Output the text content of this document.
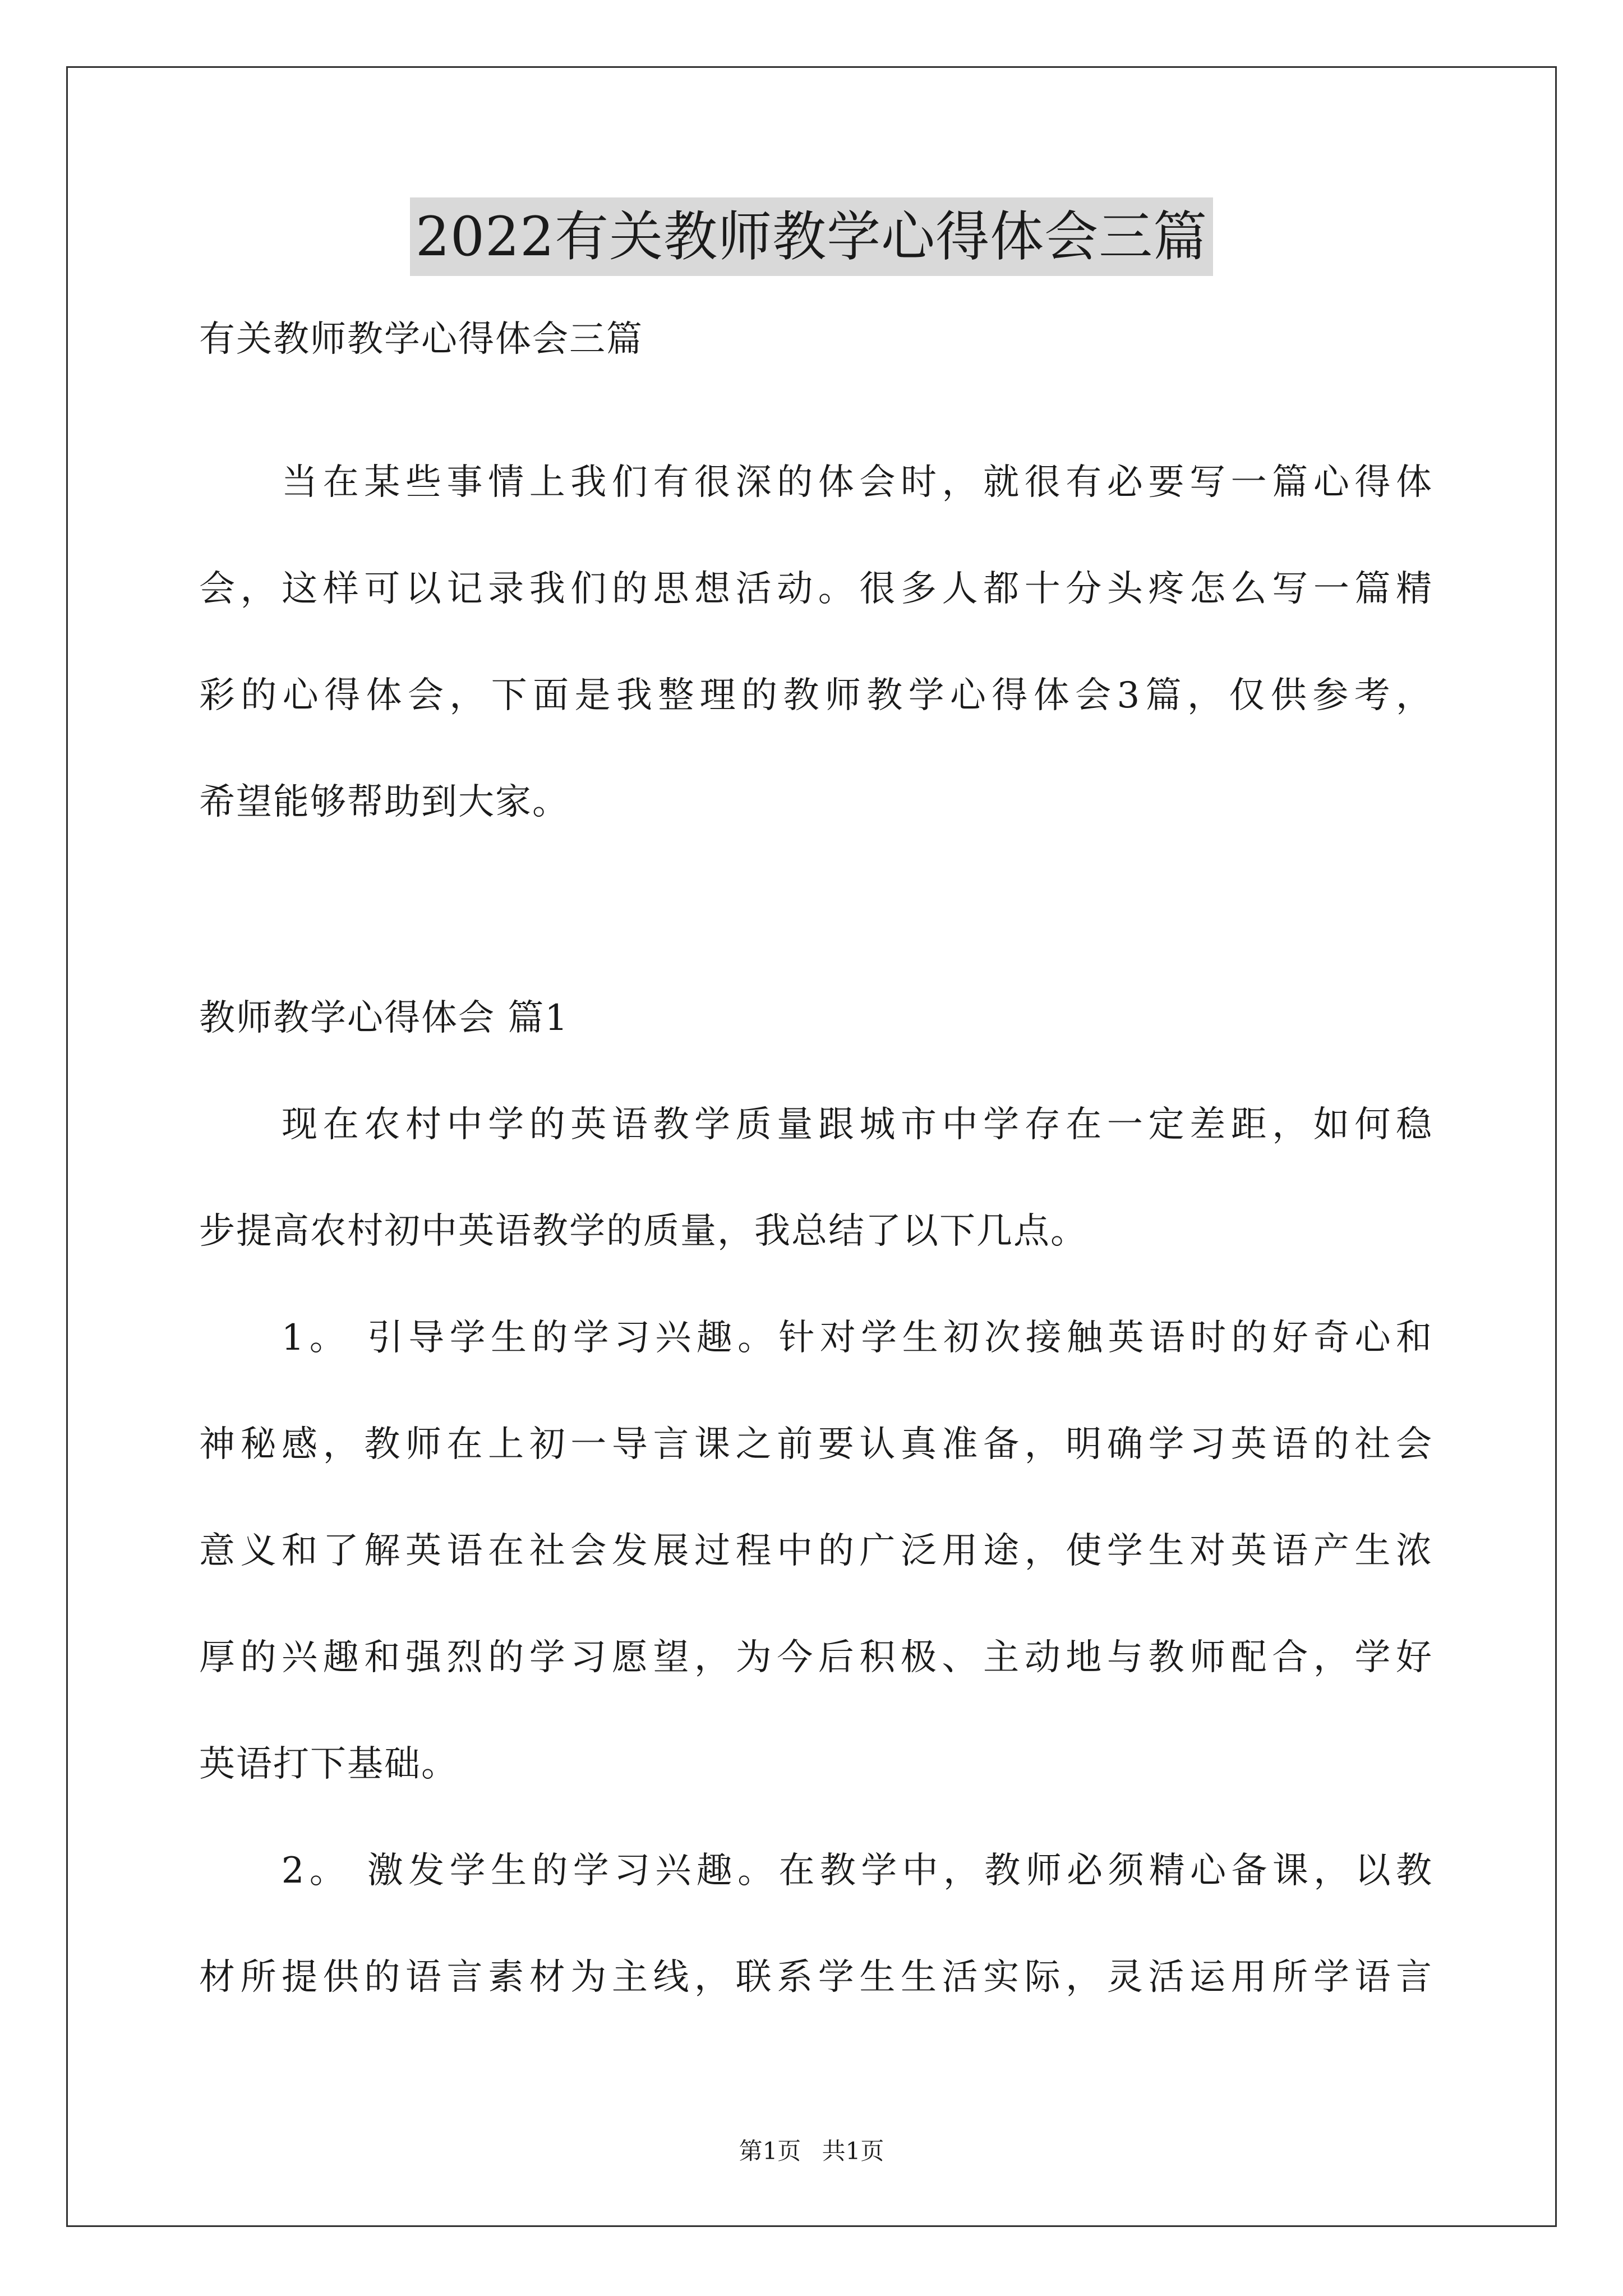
2022有关教师教学心得体会三篇
有关教师教学心得体会三篇
　　当在某些事情上我们有很深的体会时，就很有必要写一篇心得体
会，这样可以记录我们的思想活动。很多人都十分头疼怎么写一篇精
彩的心得体会，下面是我整理的教师教学心得体会3篇，仅供参考，
希望能够帮助到大家。
教师教学心得体会 篇1
　　现在农村中学的英语教学质量跟城市中学存在一定差距，如何稳
步提高农村初中英语教学的质量，我总结了以下几点。
　　1。 引导学生的学习兴趣。针对学生初次接触英语时的好奇心和
神秘感，教师在上初一导言课之前要认真准备，明确学习英语的社会
意义和了解英语在社会发展过程中的广泛用途，使学生对英语产生浓
厚的兴趣和强烈的学习愿望，为今后积极、主动地与教师配合，学好
英语打下基础。
　　2。 激发学生的学习兴趣。在教学中，教师必须精心备课，以教
材所提供的语言素材为主线，联系学生生活实际，灵活运用所学语言
第1页 共1页
